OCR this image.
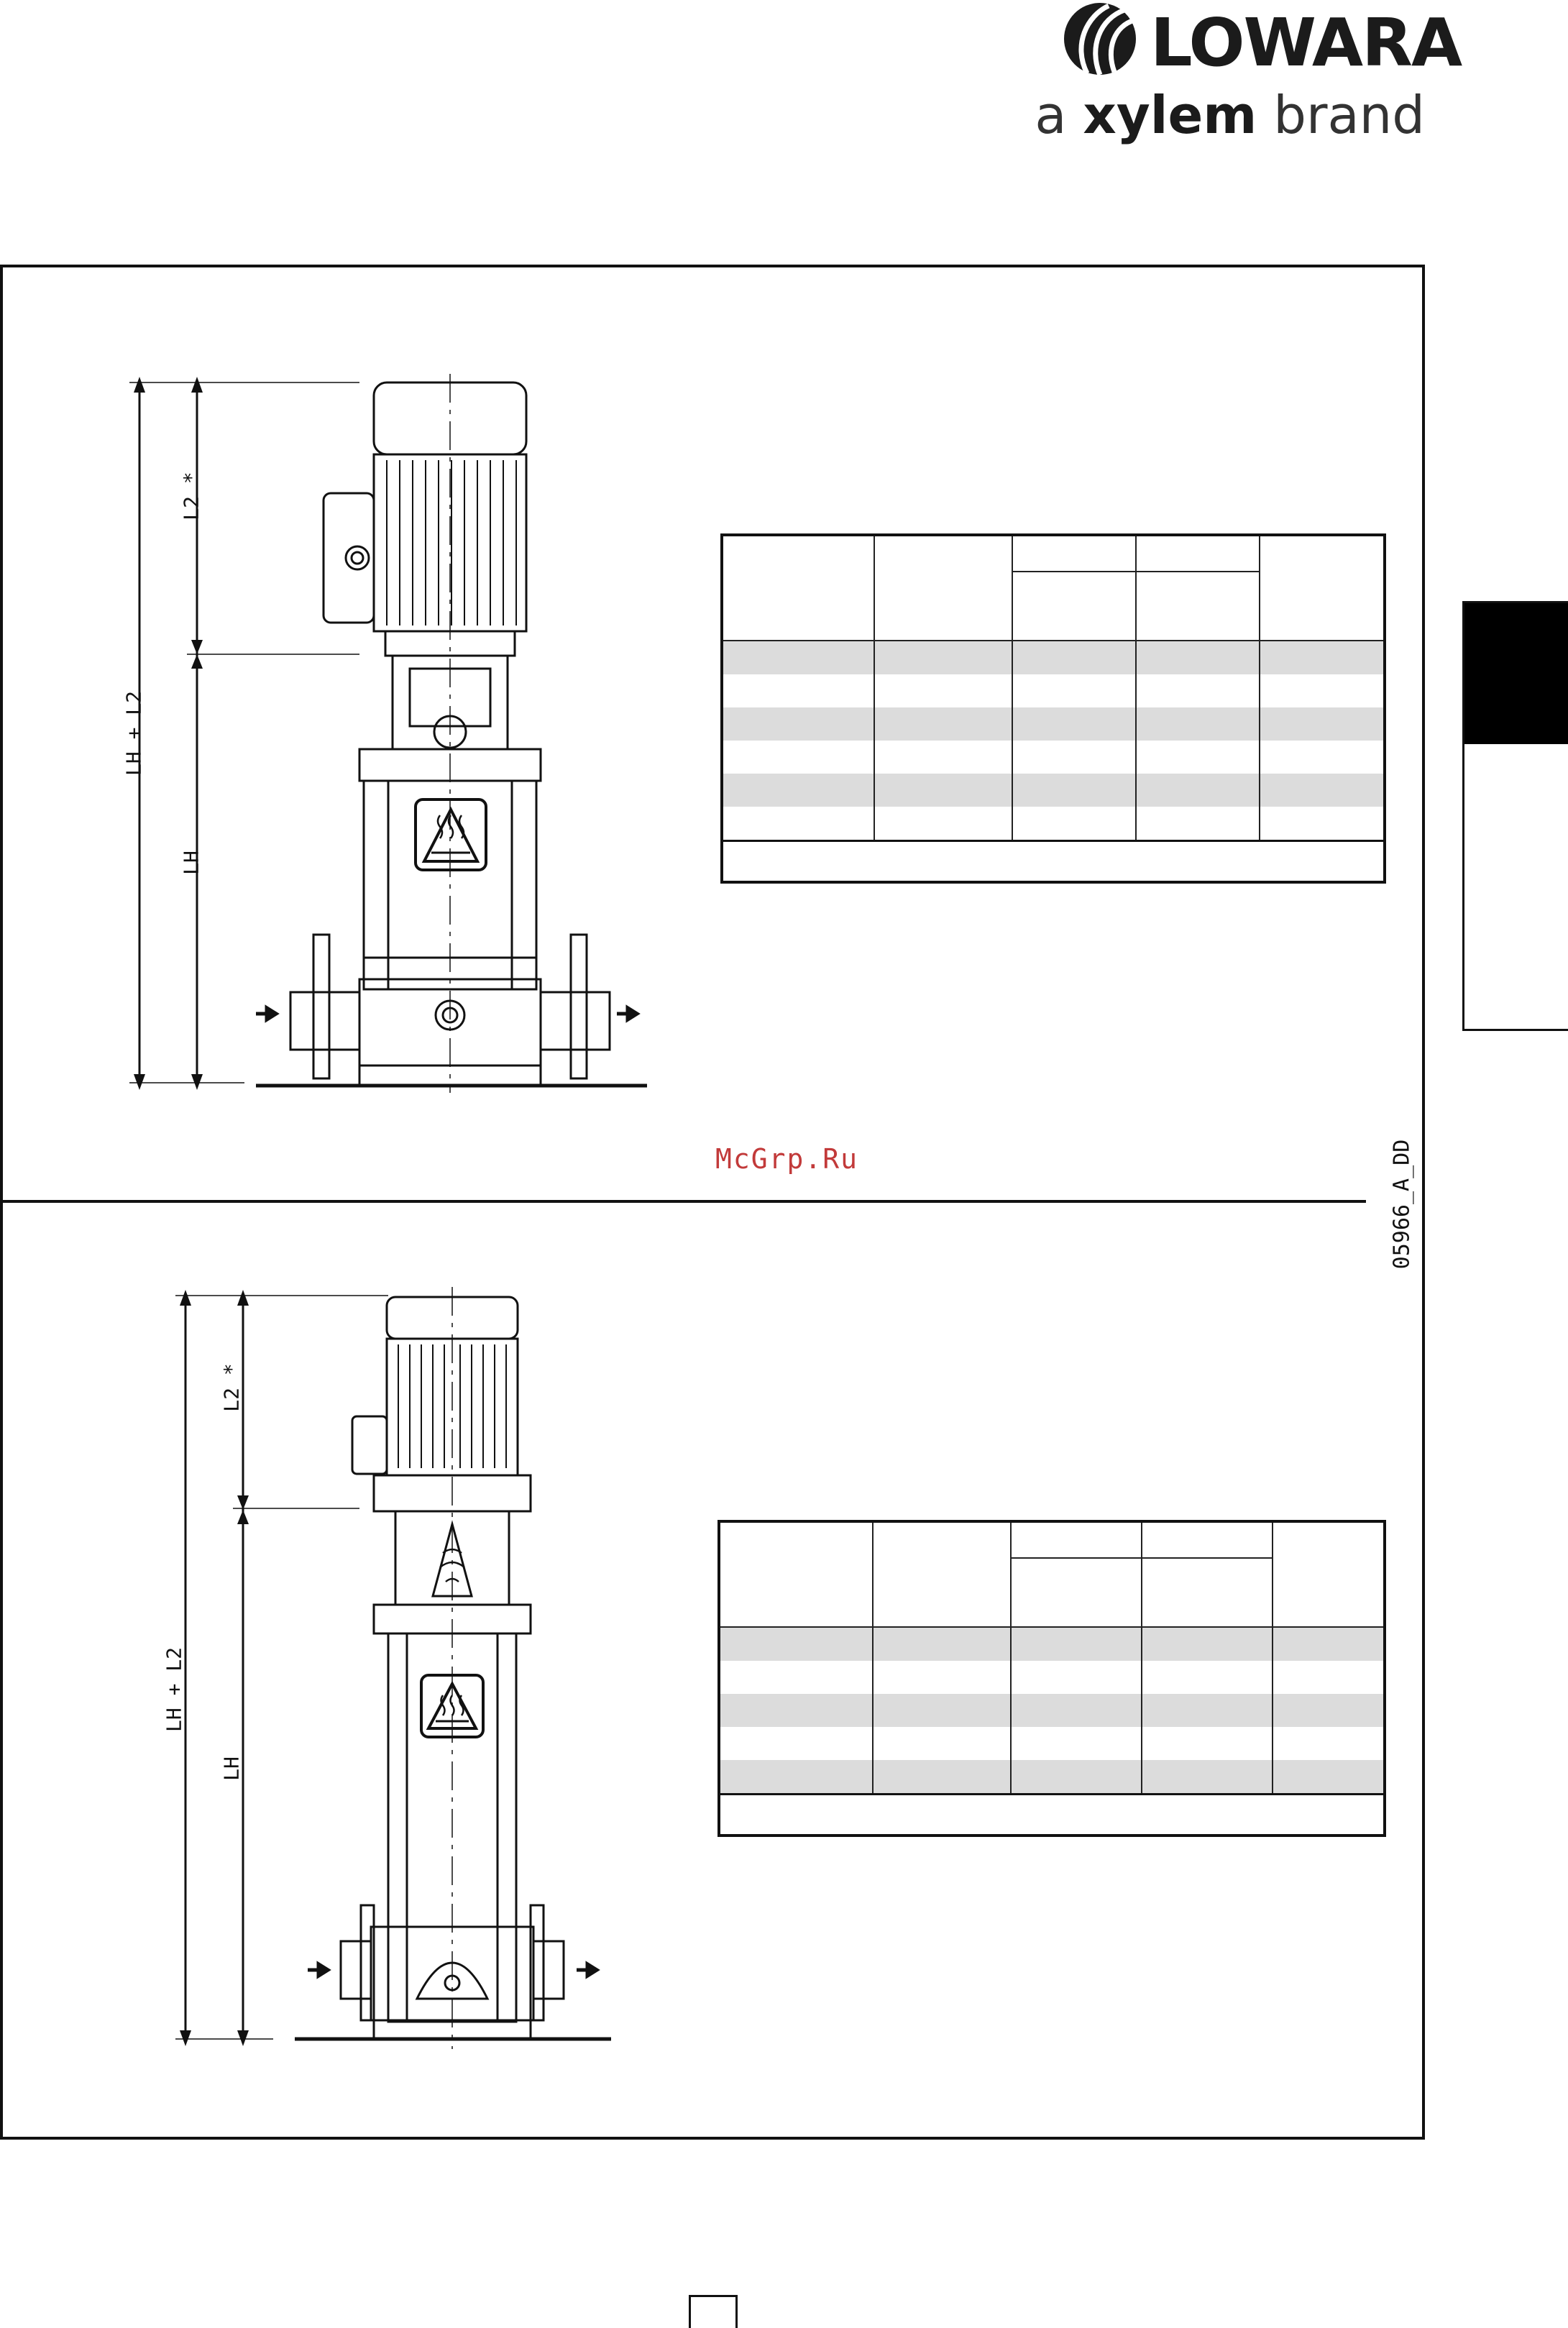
LOWARA
a xylem brand
McGrp.Ru	05966_A_DD
LH + L2
L2 *
LH

LH + L2
L2 *
LH
